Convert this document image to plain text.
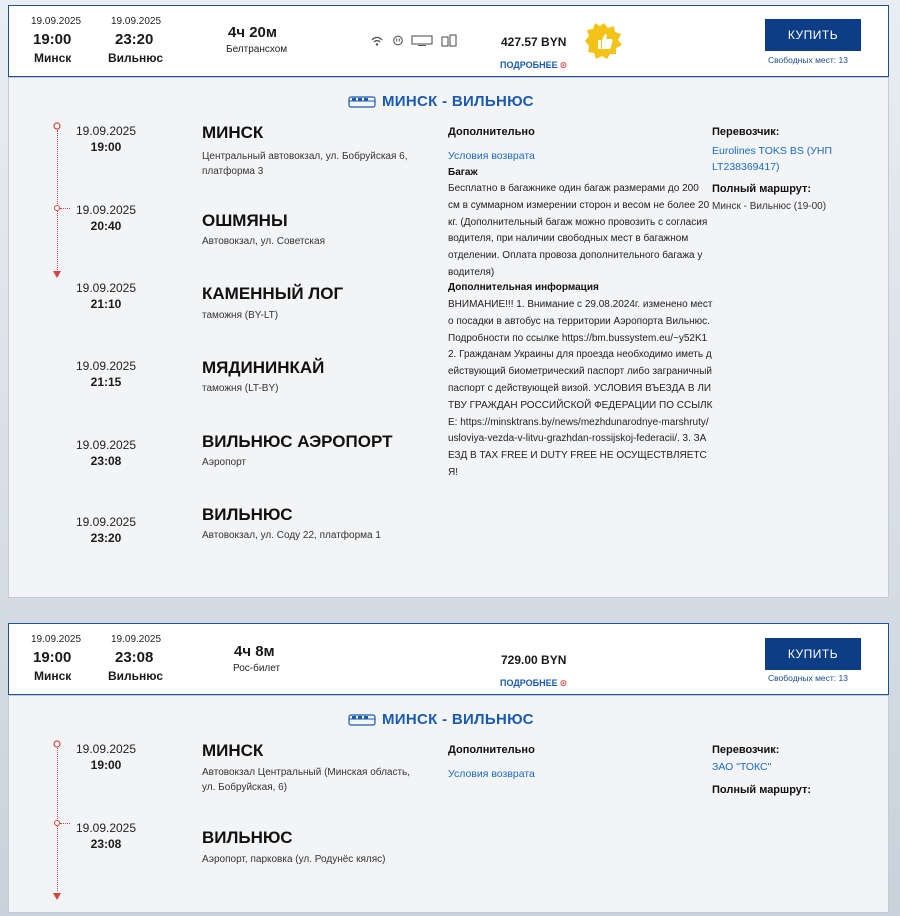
19.09.2025
19:00
Минск
19.09.2025
23:20
Вильнюс
4ч 20м
Белтрансхом
427.57 BYN
ПОДРОБНЕЕ ⊙
КУПИТЬ
Свободных мест: 13
МИНСК - ВИЛЬНЮС
19.09.2025
19:00
МИНСК
Центральный автовокзал, ул. Бобруйская 6, платформа 3
19.09.2025
20:40	ОШМЯНЫ
Автовокзал, ул. Советская
19.09.2025
21:10
КАМЕННЫЙ ЛОГ
таможня (BY-LT)
19.09.2025
21:15
МЯДИНИНКАЙ
таможня (LT-BY)
19.09.2025
23:08
ВИЛЬНЮС АЭРОПОРТ
Аэропорт
19.09.2025
23:20
ВИЛЬНЮС
Автовокзал, ул. Соду 22, платформа 1
Дополнительно
Условия возврата
Багаж
Бесплатно в багажнике один багаж размерами до 200 см в суммарном измерении сторон и весом не более 20 кг. (Дополнительный багаж можно провозить с согласия водителя, при наличии свободных мест в багажном отделении. Оплата провоза дополнительного багажа у водителя)
Дополнительная информация
ВНИМАНИЕ!!! 1. Внимание с 29.08.2024г. изменено место посадки в автобус на территории Аэропорта Вильнюс. Подробности по ссылке https://bm.bussystem.eu/~y52K1 2. Гражданам Украины для проезда необходимо иметь действующий биометрический паспорт либо заграничный паспорт с действующей визой. УСЛОВИЯ ВЪЕЗДА В ЛИТВУ ГРАЖДАН РОССИЙСКОЙ ФЕДЕРАЦИИ ПО ССЫЛКЕ: https://minsktrans.by/news/mezhdunarodnye-marshruty/usloviya-vezda-v-litvu-grazhdan-rossijskoj-federacii/. 3. ЗАЕЗД В TAX FREE И DUTY FREE НЕ ОСУЩЕСТВЛЯЕТСЯ!
Перевозчик:
Eurolines TOKS BS (УНП LT238369417)
Полный маршрут:
Минск - Вильнюс (19-00)
19.09.2025
19:00
Минск
19.09.2025
23:08
Вильнюс
4ч 8м
Рос-билет
729.00 BYN
ПОДРОБНЕЕ ⊙
КУПИТЬ
Свободных мест: 13
МИНСК - ВИЛЬНЮС
19.09.2025
19:00
МИНСК
Автовокзал Центральный (Минская область,
ул. Бобруйская, 6)
19.09.2025
23:08	ВИЛЬНЮС
Аэропорт, парковка (ул. Родунёс кяляс)
Дополнительно
Условия возврата
Перевозчик:
ЗАО "ТОКС"
Полный маршрут:
